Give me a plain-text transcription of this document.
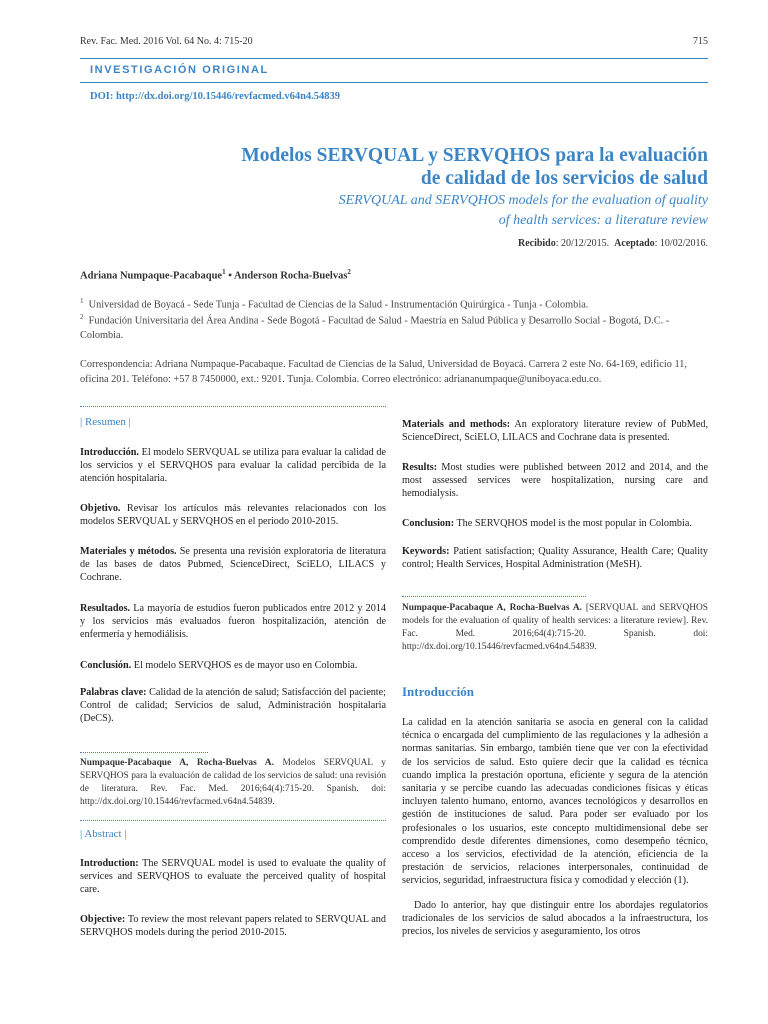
Rev. Fac. Med. 2016 Vol. 64 No. 4: 715-20	715
INVESTIGACIÓN ORIGINAL
DOI: http://dx.doi.org/10.15446/revfacmed.v64n4.54839
Modelos SERVQUAL y SERVQHOS para la evaluación
de calidad de los servicios de salud
SERVQUAL and SERVQHOS models for the evaluation of quality
of health services: a literature review
Recibido: 20/12/2015. Aceptado: 10/02/2016.
Adriana Numpaque-Pacabaque$^1$ • Anderson Rocha-Buelvas$^2$
$^1$ Universidad de Boyacá - Sede Tunja - Facultad de Ciencias de la Salud - Instrumentación Quirúrgica - Tunja - Colombia.
$^2$ Fundación Universitaria del Área Andina - Sede Bogotá - Facultad de Salud - Maestría en Salud Pública y Desarrollo Social - Bogotá, D.C. - Colombia.
Correspondencia: Adriana Numpaque-Pacabaque. Facultad de Ciencias de la Salud, Universidad de Boyacá. Carrera 2 este No. 64-169, edificio 11, oficina 201. Teléfono: +57 8 7450000, ext.: 9201. Tunja. Colombia. Correo electrónico: adriananumpaque@uniboyaca.edu.co.
| Resumen |
Introducción. El modelo SERVQUAL se utiliza para evaluar la calidad de los servicios y el SERVQHOS para evaluar la calidad percibida de la atención hospitalaria.
Objetivo. Revisar los artículos más relevantes relacionados con los modelos SERVQUAL y SERVQHOS en el periodo 2010-2015.
Materiales y métodos. Se presenta una revisión exploratoria de literatura de las bases de datos Pubmed, ScienceDirect, SciELO, LILACS y Cochrane.
Resultados. La mayoría de estudios fueron publicados entre 2012 y 2014 y los servicios más evaluados fueron hospitalización, atención de enfermería y hemodiálisis.
Conclusión. El modelo SERVQHOS es de mayor uso en Colombia.
Palabras clave: Calidad de la atención de salud; Satisfacción del paciente; Control de calidad; Servicios de salud, Administración hospitalaria (DeCS).
Numpaque-Pacabaque A, Rocha-Buelvas A. Modelos SERVQUAL y SERVQHOS para la evaluación de calidad de los servicios de salud: una revisión de literatura. Rev. Fac. Med. 2016;64(4):715-20. Spanish. doi: http://dx.doi.org/10.15446/revfacmed.v64n4.54839.
| Abstract |
Introduction: The SERVQUAL model is used to evaluate the quality of services and SERVQHOS to evaluate the perceived quality of hospital care.
Objective: To review the most relevant papers related to SERVQUAL and SERVQHOS models during the period 2010-2015.
Materials and methods: An exploratory literature review of PubMed, ScienceDirect, SciELO, LILACS and Cochrane data is presented.
Results: Most studies were published between 2012 and 2014, and the most assessed services were hospitalization, nursing care and hemodialysis.
Conclusion: The SERVQHOS model is the most popular in Colombia.
Keywords: Patient satisfaction; Quality Assurance, Health Care; Quality control; Health Services, Hospital Administration (MeSH).
Numpaque-Pacabaque A, Rocha-Buelvas A. [SERVQUAL and SERVQHOS models for the evaluation of quality of health services: a literature review]. Rev. Fac. Med. 2016;64(4):715-20. Spanish. doi: http://dx.doi.org/10.15446/revfacmed.v64n4.54839.
Introducción
La calidad en la atención sanitaria se asocia en general con la calidad técnica o encargada del cumplimiento de las regulaciones y la adhesión a normas sanitarias. Sin embargo, también tiene que ver con la efectividad de los servicios de salud. Esto quiere decir que la calidad es técnica cuando implica la prestación oportuna, eficiente y segura de la atención sanitaria y se percibe cuando las adecuadas condiciones físicas y éticas incluyen talento humano, entorno, avances tecnológicos y desarrollos en gestión de instituciones de salud. Para poder ser evaluado por los profesionales o los usuarios, este concepto multidimensional debe ser comprendido desde diferentes dimensiones, como desempeño técnico, acceso a los servicios, efectividad de la atención, eficiencia de la prestación de servicios, relaciones interpersonales, continuidad de servicios, seguridad, infraestructura física y comodidad y elección (1).
Dado lo anterior, hay que distinguir entre los abordajes regulatorios tradicionales de los servicios de salud abocados a la infraestructura, los precios, los niveles de servicios y aseguramiento, los otros
